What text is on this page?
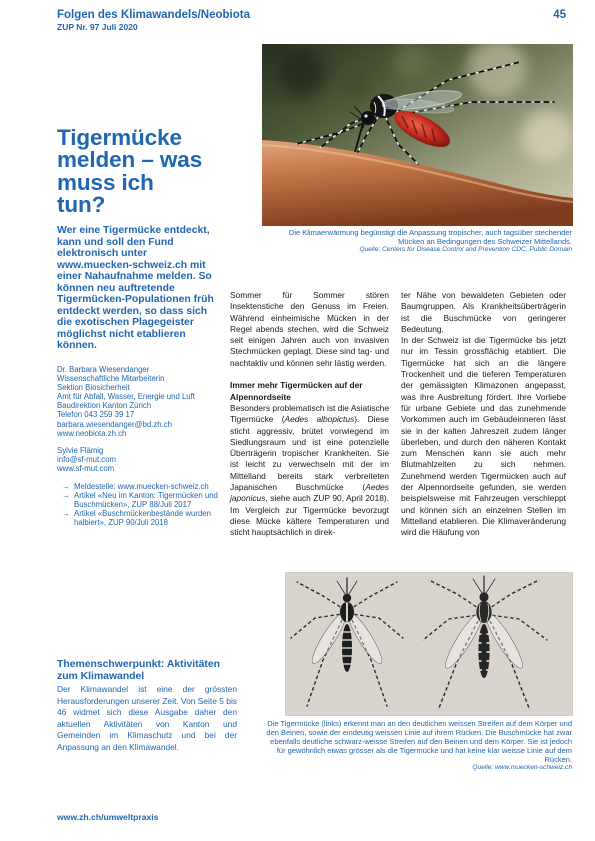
Folgen des Klimawandels/Neobiota
ZUP Nr. 97 Juli 2020
45
Die Klimaerwärmung begünstigt die Anpassung tropischer, auch tagsüber stechender Mücken an Bedingungen des Schweizer Mittellands.
Quelle: Centers for Disease Control and Prevention CDC, Public Domain
Tigermücke melden – was muss ich tun?
Wer eine Tigermücke entdeckt, kann und soll den Fund elektronisch unter www.muecken-schweiz.ch mit einer Nahaufnahme melden. So können neu auftretende Tigermücken-Populationen früh entdeckt werden, so dass sich die exotischen Plagegeister möglichst nicht etablieren können.
Dr. Barbara Wiesendanger
Wissenschaftliche Mitarbeiterin
Sektion Biosicherheit
Amt für Abfall, Wasser, Energie und Luft
Baudirektion Kanton Zürich
Telefon 043 259 39 17
barbara.wiesendanger@bd.zh.ch
www.neobiota.zh.ch
Sylvie Flämig
info@sf-mut.com
www.sf-mut.com
→ Meldestelle: www.muecken-schweiz.ch
→ Artikel «Neu im Kanton: Tigermücken und Buschmücken», ZUP 88/Juli 2017
→ Artikel «Buschmückenbestände wurden halbiert», ZUP 90/Juli 2018

Sommer für Sommer stören Insektenstiche den Genuss im Freien. Während einheimische Mücken in der Regel abends stechen, wird die Schweiz seit einigen Jahren auch von invasiven Stechmücken geplagt. Diese sind tag- und nachtaktiv und können sehr lästig werden.

Immer mehr Tigermücken auf der Alpennordseite

Besonders problematisch ist die Asiatische Tigermücke (Aedes albopictus). Diese sticht aggressiv, brütet vorwiegend im Siedlungsraum und ist eine potenzielle Überträgerin tropischer Krankheiten. Sie ist leicht zu verwechseln mit der im Mittelland bereits stark verbreiteten Japanischen Buschmücke (Aedes japonicus, siehe auch ZUP 90, April 2018). Im Vergleich zur Tigermücke bevorzugt diese Mücke kältere Temperaturen und sticht hauptsächlich in direk-

ter Nähe von bewaldeten Gebieten oder Baumgruppen. Als Krankheitsüberträgerin ist die Buschmücke von geringerer Bedeutung.

In der Schweiz ist die Tigermücke bis jetzt nur im Tessin grossflächig etabliert. Die Tigermücke hat sich an die längere Trockenheit und die tieferen Temperaturen der gemässigten Klimazonen angepasst, was ihre Ausbreitung fördert. Ihre Vorliebe für urbane Gebiete und das zunehmende Vorkommen auch im Gebäudeinneren lässt sie in der kalten Jahreszeit zudem länger überleben, und durch den näheren Kontakt zum Menschen kann sie auch mehr Blutmahlzeiten zu sich nehmen. Zunehmend werden Tigermücken auch auf der Alpennordseite gefunden, sie werden beispielsweise mit Fahrzeugen verschleppt und können sich an einzelnen Stellen im Mittelland etablieren. Die Klimaveränderung wird die Häufung von

Die Tigermücke (links) erkennt man an den deutlichen weissen Streifen auf dem Körper und den Beinen, sowie der eindeutig weissen Linie auf ihrem Rücken. Die Buschmücke hat zwar ebenfalls deutliche schwarz-weisse Streifen auf den Beinen und dem Körper. Sie ist jedoch für gewöhnlich etwas grösser als die Tigermücke und hat keine klar weisse Linie auf dem Rücken.
Quelle: www.muecken-schweiz.ch
Themenschwerpunkt: Aktivitäten zum Klimawandel
Der Klimawandel ist eine der grössten Herausforderungen unserer Zeit. Von Seite 5 bis 46 widmet sich diese Ausgabe daher den aktuellen Aktivitäten von Kanton und Gemeinden im Klimaschutz und bei der Anpassung an den Klimawandel.
www.zh.ch/umweltpraxis
